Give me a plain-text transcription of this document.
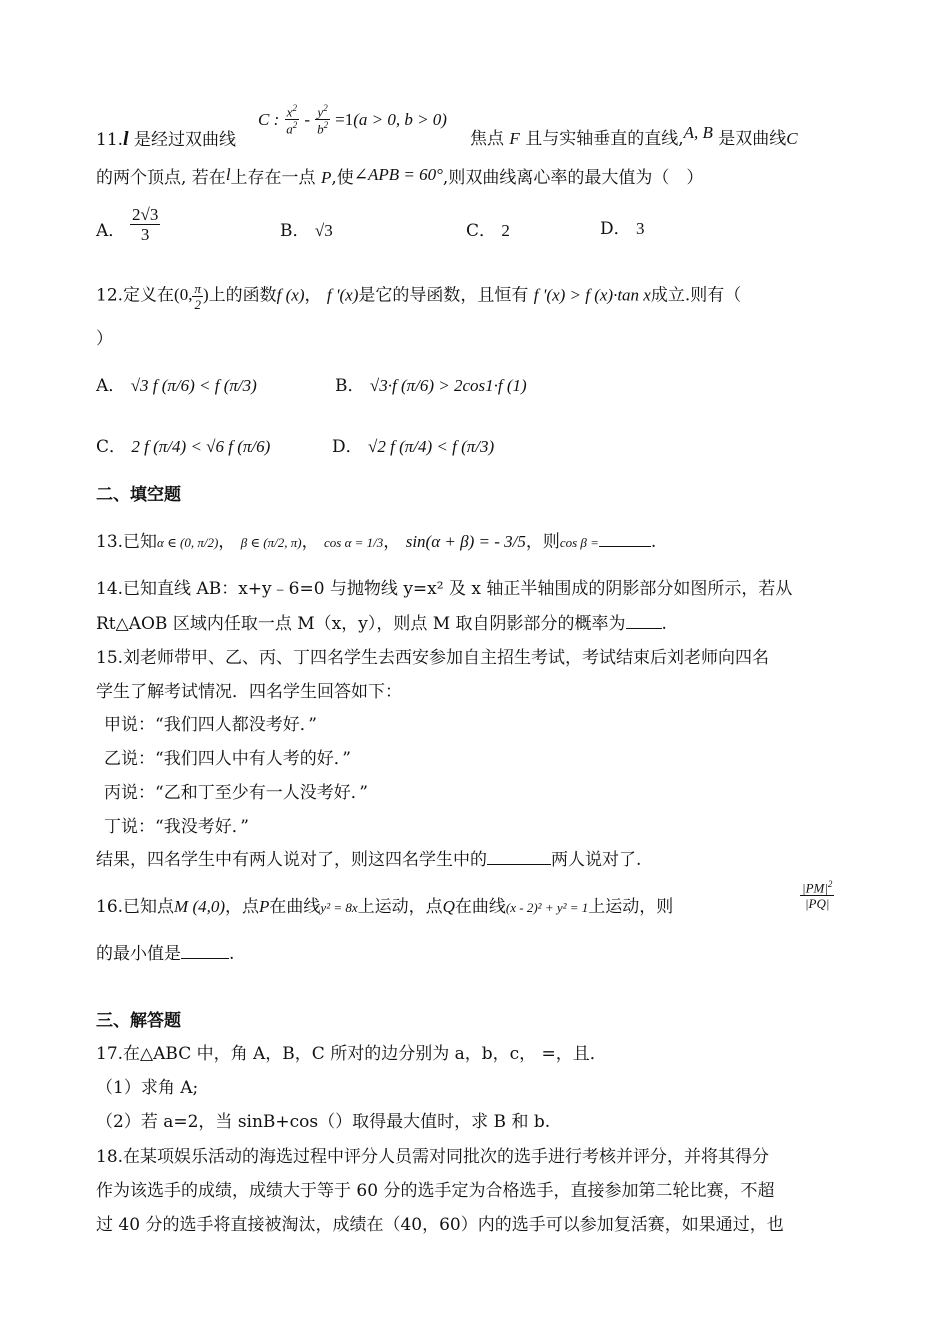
11.l 是经过双曲线
C : $\frac{x^2}{a^2} - \frac{y^2}{b^2} =1(a > 0$, b > 0)
焦点 F 且与实轴垂直的直线,A, B 是双曲线C
的两个顶点, 若在l上存在一点 P,使∠APB = 60°,则双曲线离心率的最大值为（　）
A． $\frac{2√3}{3}$	B． √3	C． 2	D． 3
12.定义在(0, $\frac{\pi}{2}$ )上的函数f (x)， f '(x)是它的导函数，且恒有 f '(x) > f (x)·tan x成立.则有（
）
A． √3 f (π/6) < f (π/3)	B． √3·f (π/6) > 2cos1·f (1)
C． 2 f (π/4) < √6 f (π/6)	D． √2 f (π/4) < f (π/3)
二、填空题
13.已知α ∈ (0, π/2)， β ∈ (π/2, π)， cos α = 1/3， sin(α + β) = - 3/5，则cos β =	.
14.已知直线 AB：x+y﹣6=0 与抛物线 y=x² 及 x 轴正半轴围成的阴影部分如图所示，若从
Rt△AOB 区域内任取一点 M（x，y），则点 M 取自阴影部分的概率为 .
15.刘老师带甲、乙、丙、丁四名学生去西安参加自主招生考试，考试结束后刘老师向四名
学生了解考试情况．四名学生回答如下：
甲说：“我们四人都没考好．”
乙说：“我们四人中有人考的好．”
丙说：“乙和丁至少有一人没考好．”
丁说：“我没考好．”
结果，四名学生中有两人说对了，则这四名学生中的	两人说对了.
16.已知点M (4,0)，点P在曲线y² = 8x上运动，点Q在曲线(x - 2)² + y² = 1上运动，则	$\frac{|PM|^2}{|PQ|}$
的最小值是	.
三、解答题
17.在△ABC 中，角 A，B，C 所对的边分别为 a，b，c， =，且．
（1）求角 A;
（2）若 a=2，当 sinB+cos（）取得最大值时，求 B 和 b.
18.在某项娱乐活动的海选过程中评分人员需对同批次的选手进行考核并评分，并将其得分
作为该选手的成绩，成绩大于等于 60 分的选手定为合格选手，直接参加第二轮比赛，不超
过 40 分的选手将直接被淘汰，成绩在（40，60）内的选手可以参加复活赛，如果通过，也
